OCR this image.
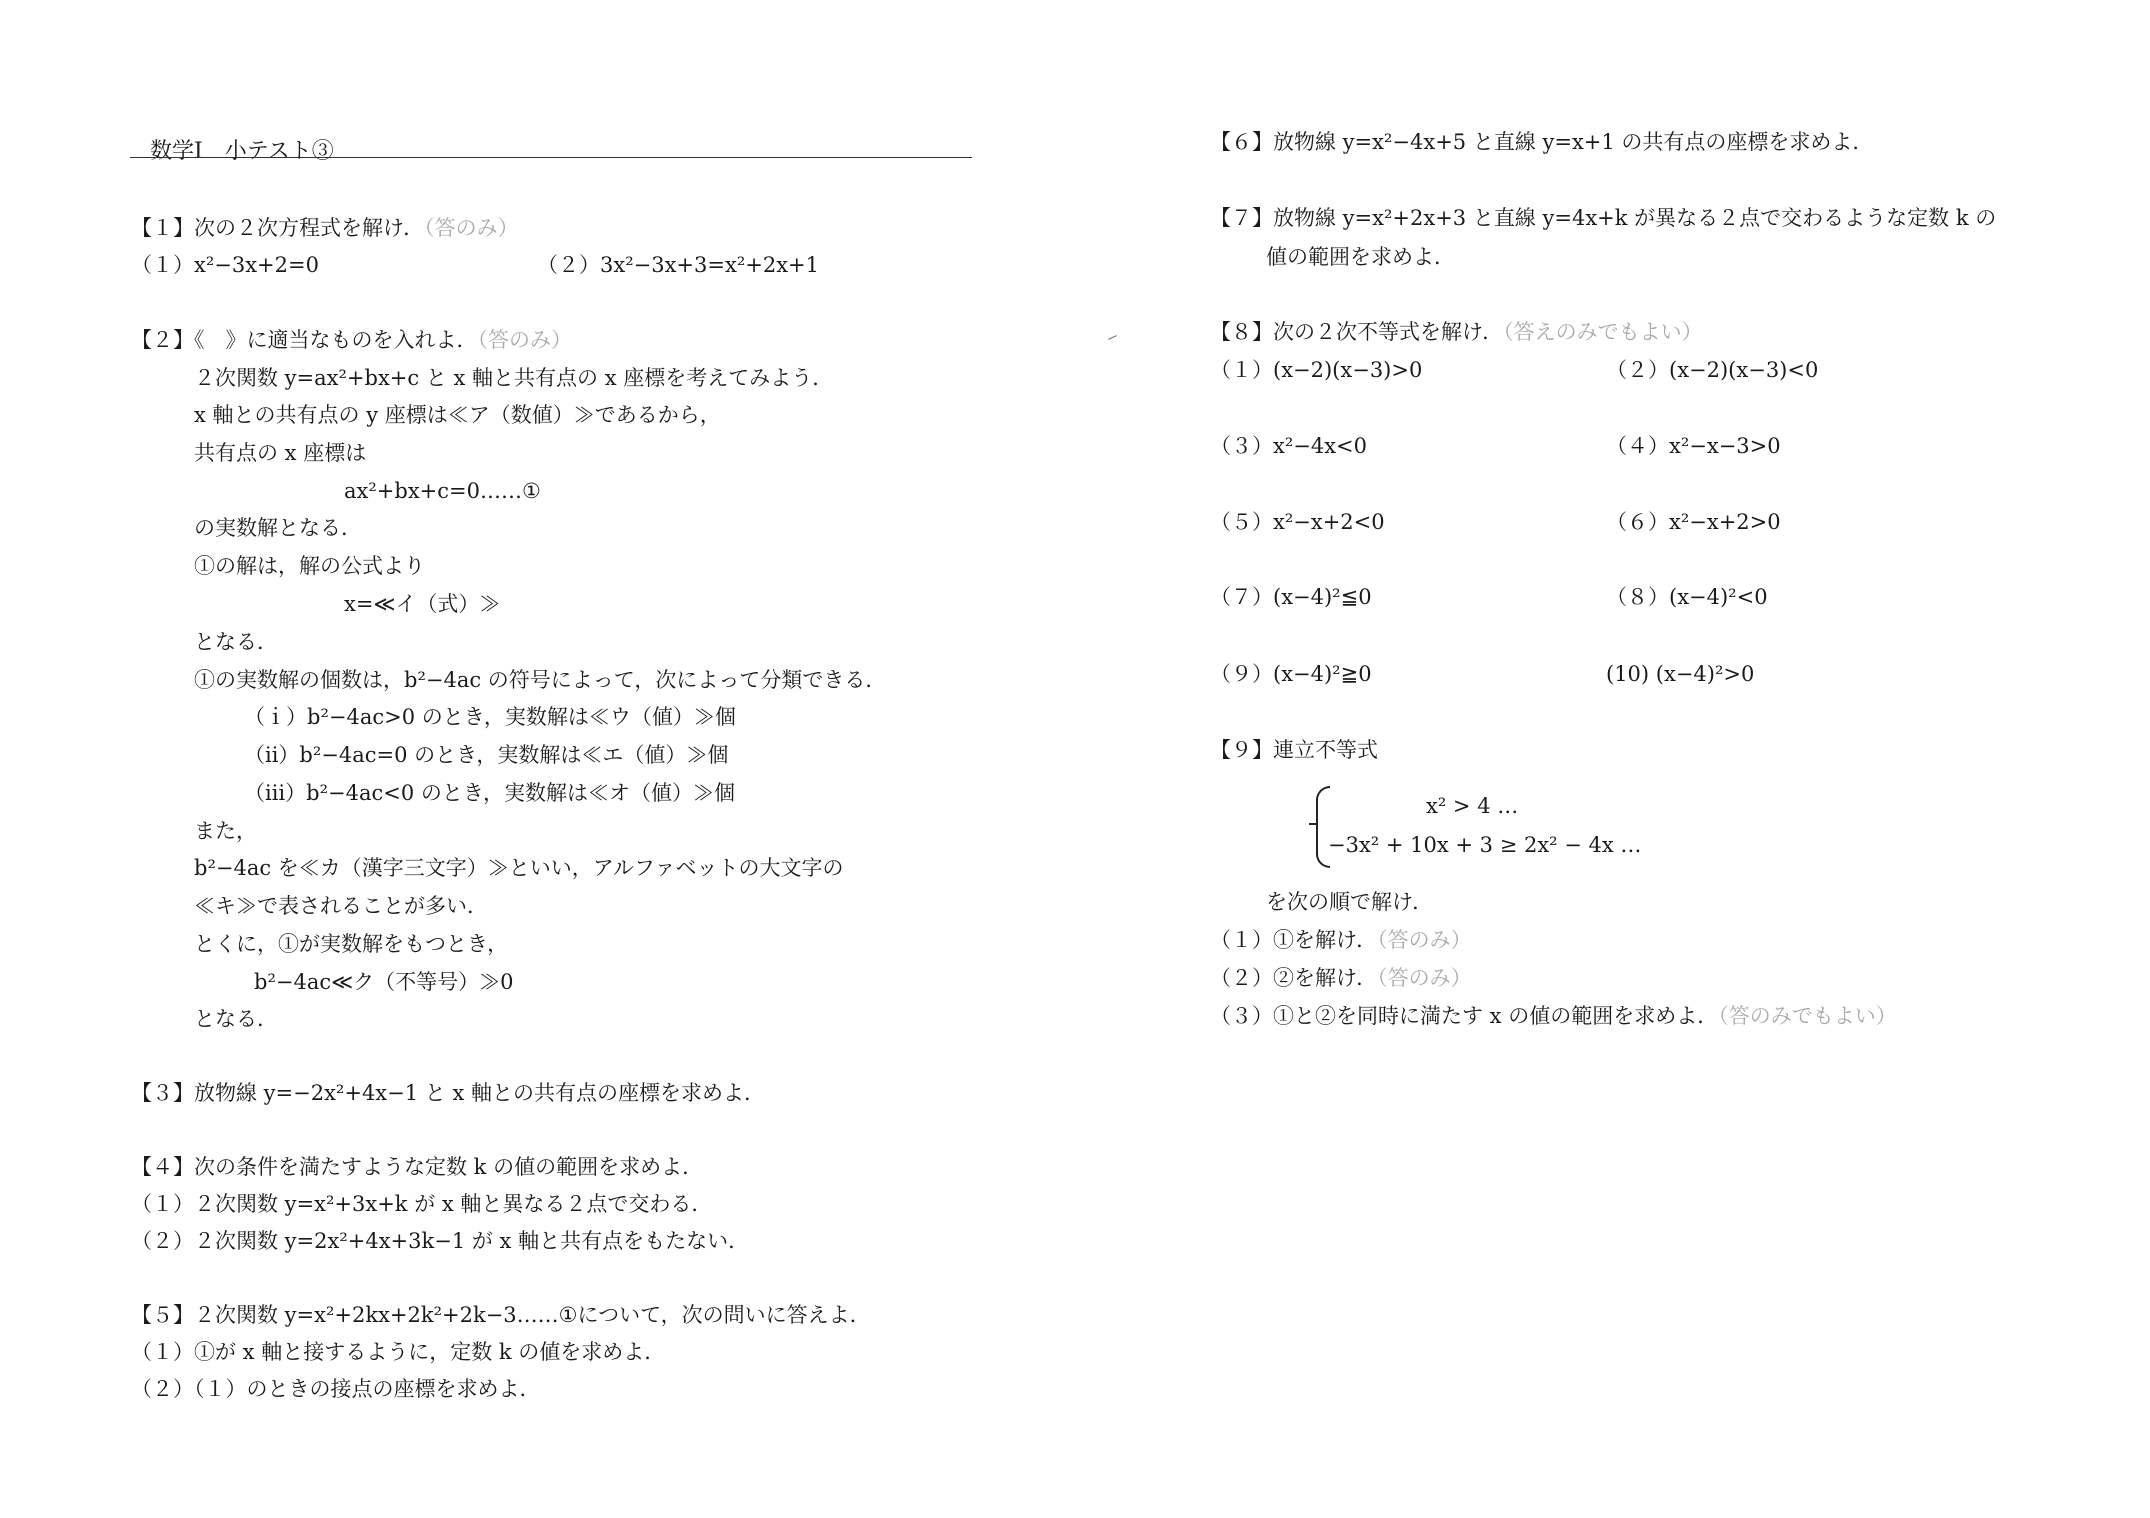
数学Ⅰ　小テスト③
【１】次の２次方程式を解け．（答のみ）
（１）x²−3x+2=0	（２）3x²−3x+3=x²+2x+1
【２】《　》に適当なものを入れよ．（答のみ）
２次関数 y=ax²+bx+c と x 軸と共有点の x 座標を考えてみよう．
x 軸との共有点の y 座標は≪ア（数値）≫であるから，
共有点の x 座標は
ax²+bx+c=0……①
の実数解となる．
①の解は，解の公式より
x=≪イ（式）≫
となる．
①の実数解の個数は，b²−4ac の符号によって，次によって分類できる．
（ｉ）b²−4ac>0 のとき，実数解は≪ウ（値）≫個
（ⅱ）b²−4ac=0 のとき，実数解は≪エ（値）≫個
（ⅲ）b²−4ac<0 のとき，実数解は≪オ（値）≫個
また，
b²−4ac を≪カ（漢字三文字）≫といい，アルファベットの大文字の
≪キ≫で表されることが多い．
とくに，①が実数解をもつとき，
b²−4ac≪ク（不等号）≫0
となる．
【３】放物線 y=−2x²+4x−1 と x 軸との共有点の座標を求めよ．
【４】次の条件を満たすような定数 k の値の範囲を求めよ．
（１）２次関数 y=x²+3x+k が x 軸と異なる２点で交わる．
（２）２次関数 y=2x²+4x+3k−1 が x 軸と共有点をもたない．
【５】２次関数 y=x²+2kx+2k²+2k−3……①について，次の問いに答えよ．
（１）①が x 軸と接するように，定数 k の値を求めよ．
（２）（１）のときの接点の座標を求めよ．
【６】放物線 y=x²−4x+5 と直線 y=x+1 の共有点の座標を求めよ．
【７】放物線 y=x²+2x+3 と直線 y=4x+k が異なる２点で交わるような定数 k の
値の範囲を求めよ．
【８】次の２次不等式を解け．（答えのみでもよい）
（１）(x−2)(x−3)>0	（２）(x−2)(x−3)<0
（３）x²−4x<0	（４）x²−x−3>0
（５）x²−x+2<0	（６）x²−x+2>0
（７）(x−4)²≦0	（８）(x−4)²<0
（９）(x−4)²≧0	(10) (x−4)²>0
【９】連立不等式
x² > 4 …
−3x² + 10x + 3 ≥ 2x² − 4x …
を次の順で解け．
（１）①を解け．（答のみ）
（２）②を解け．（答のみ）
（３）①と②を同時に満たす x の値の範囲を求めよ．（答のみでもよい）
